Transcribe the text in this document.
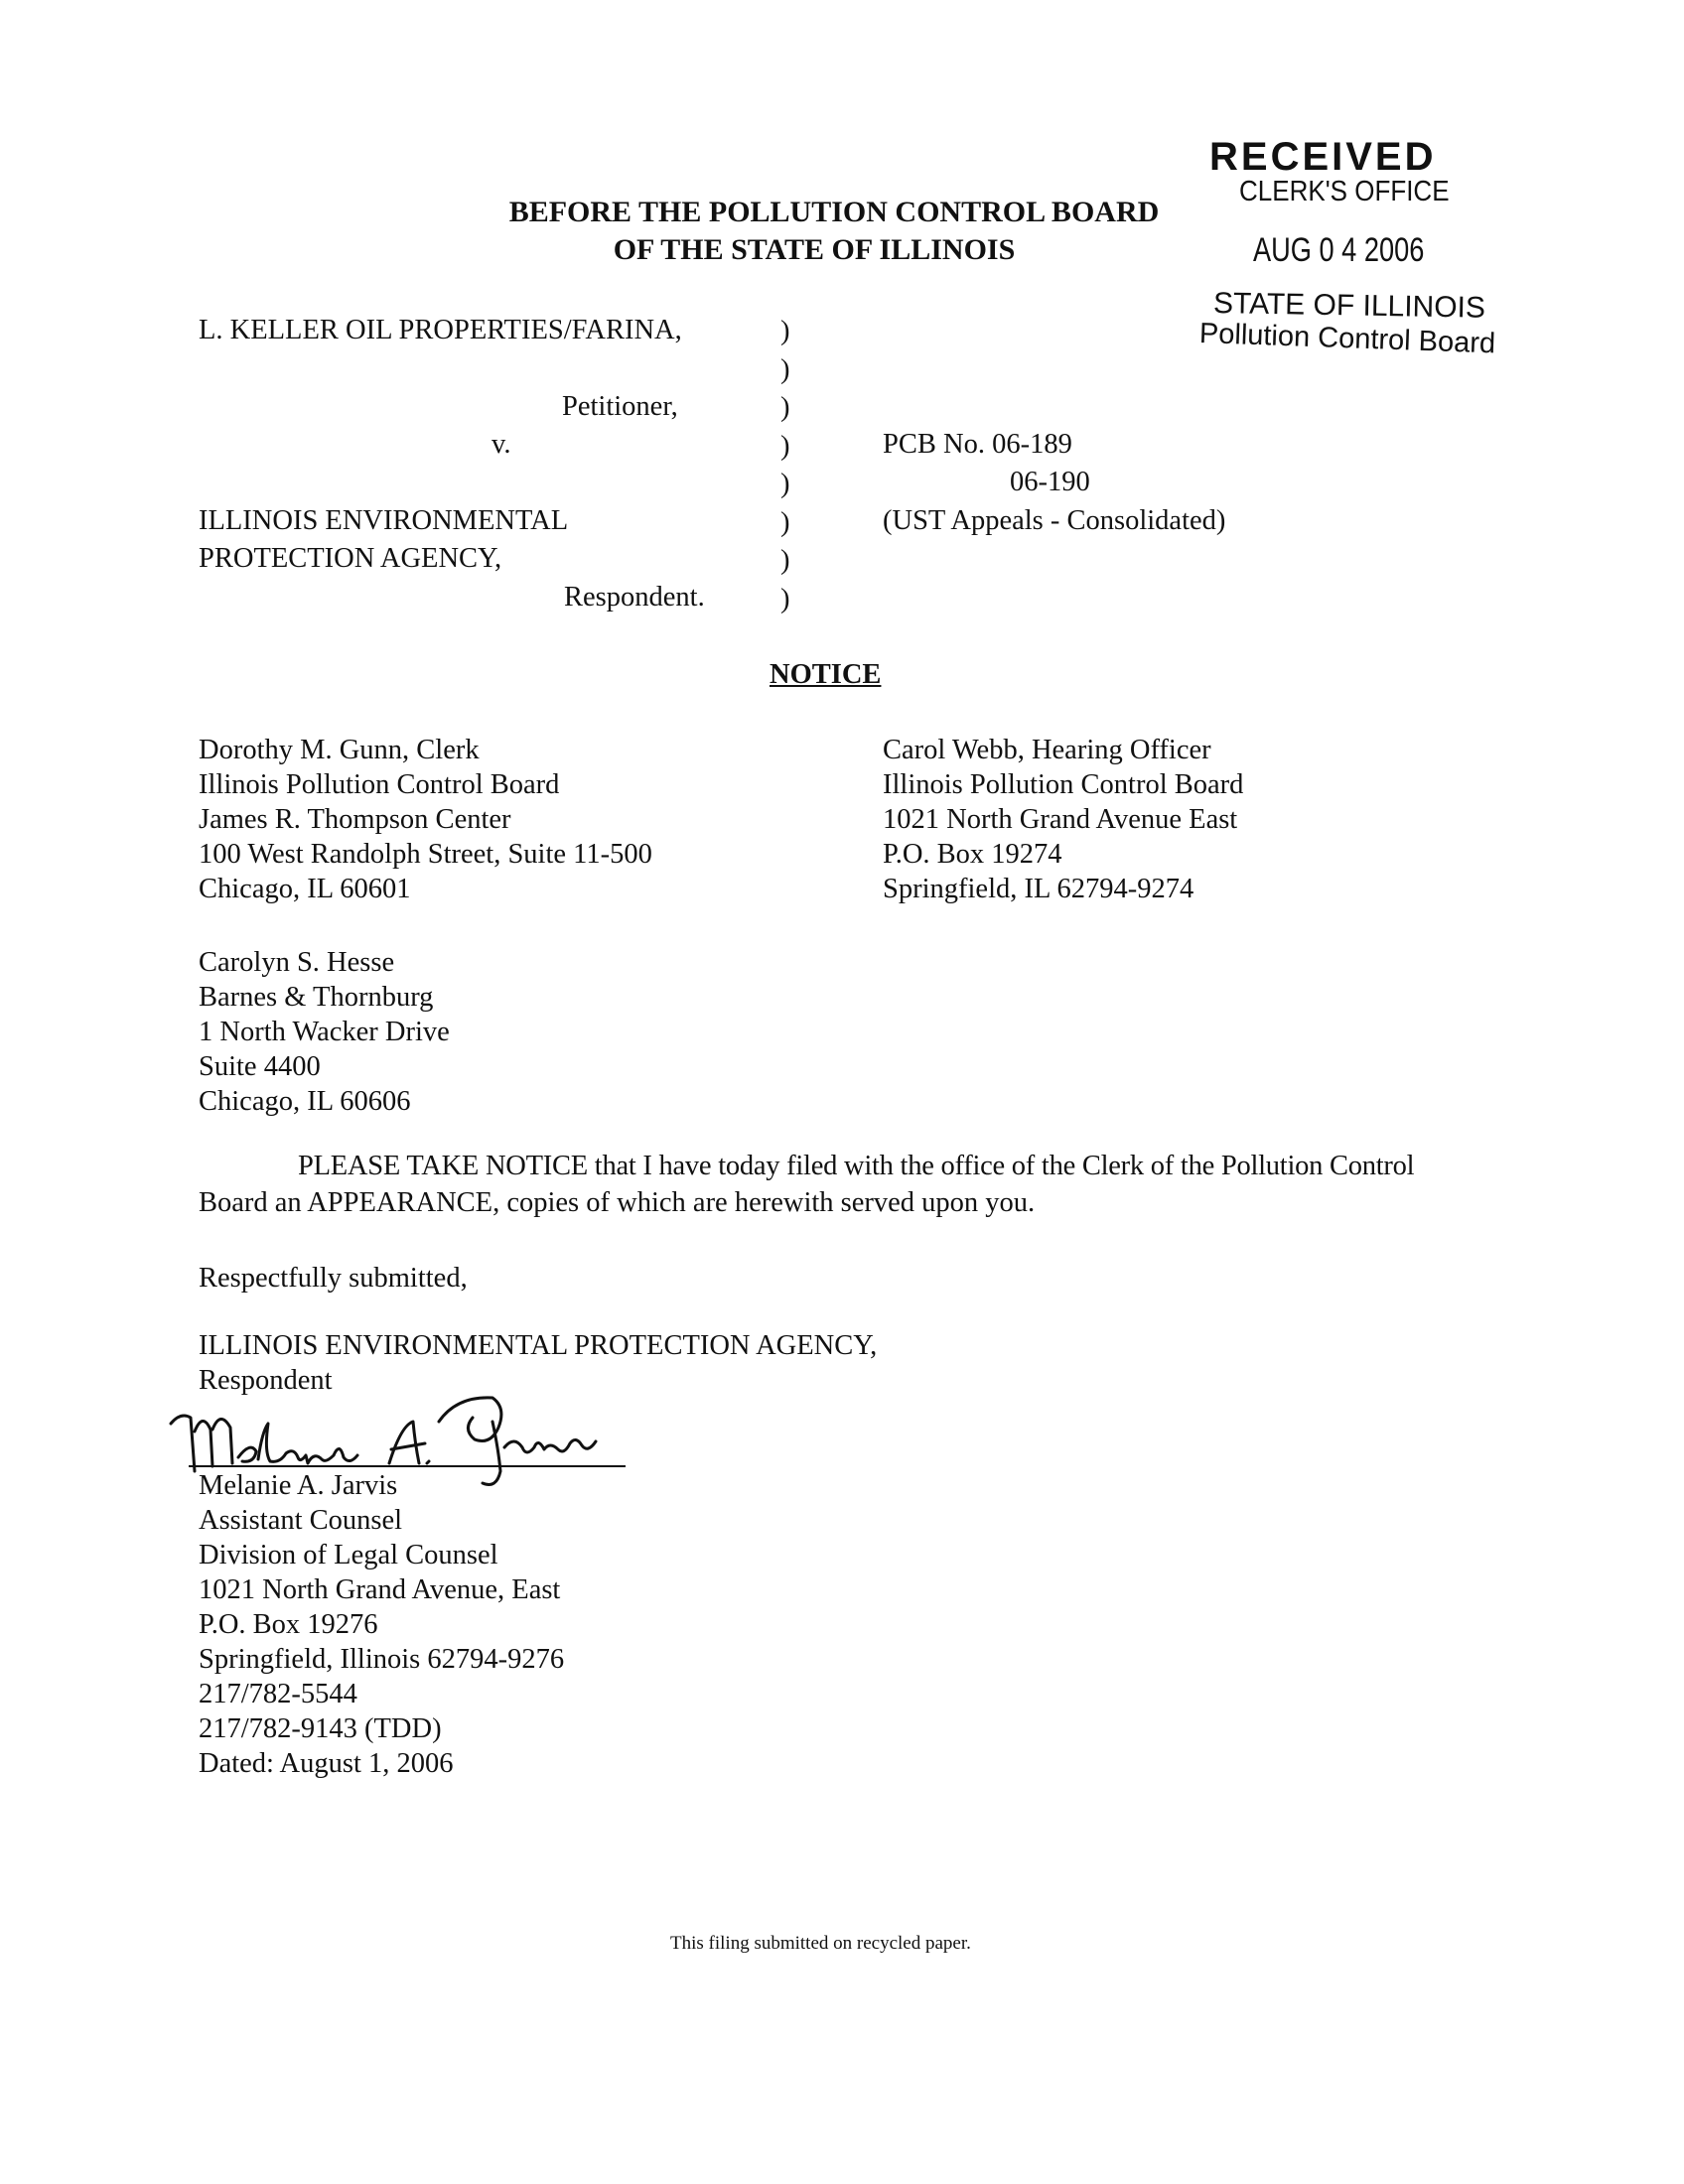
RECEIVED
CLERK'S OFFICE
AUG 0 4 2006
STATE OF ILLINOIS
Pollution Control Board
BEFORE THE POLLUTION CONTROL BOARD
OF THE STATE OF ILLINOIS
L. KELLER OIL PROPERTIES/FARINA,
Petitioner,
v.
ILLINOIS ENVIRONMENTAL
PROTECTION AGENCY,
Respondent.
)
)
)
)
)
)
)
)
PCB No. 06-189
06-190
(UST Appeals - Consolidated)
NOTICE
Dorothy M. Gunn, Clerk
Illinois Pollution Control Board
James R. Thompson Center
100 West Randolph Street, Suite 11-500
Chicago, IL 60601
Carol Webb, Hearing Officer
Illinois Pollution Control Board
1021 North Grand Avenue East
P.O. Box 19274
Springfield, IL 62794-9274
Carolyn S. Hesse
Barnes & Thornburg
1 North Wacker Drive
Suite 4400
Chicago, IL 60606
PLEASE TAKE NOTICE that I have today filed with the office of the Clerk of the Pollution Control
Board an APPEARANCE, copies of which are herewith served upon you.
Respectfully submitted,
ILLINOIS ENVIRONMENTAL PROTECTION AGENCY,
Respondent
Melanie A. Jarvis
Assistant Counsel
Division of Legal Counsel
1021 North Grand Avenue, East
P.O. Box 19276
Springfield, Illinois 62794-9276
217/782-5544
217/782-9143 (TDD)
Dated: August 1, 2006
This filing submitted on recycled paper.
